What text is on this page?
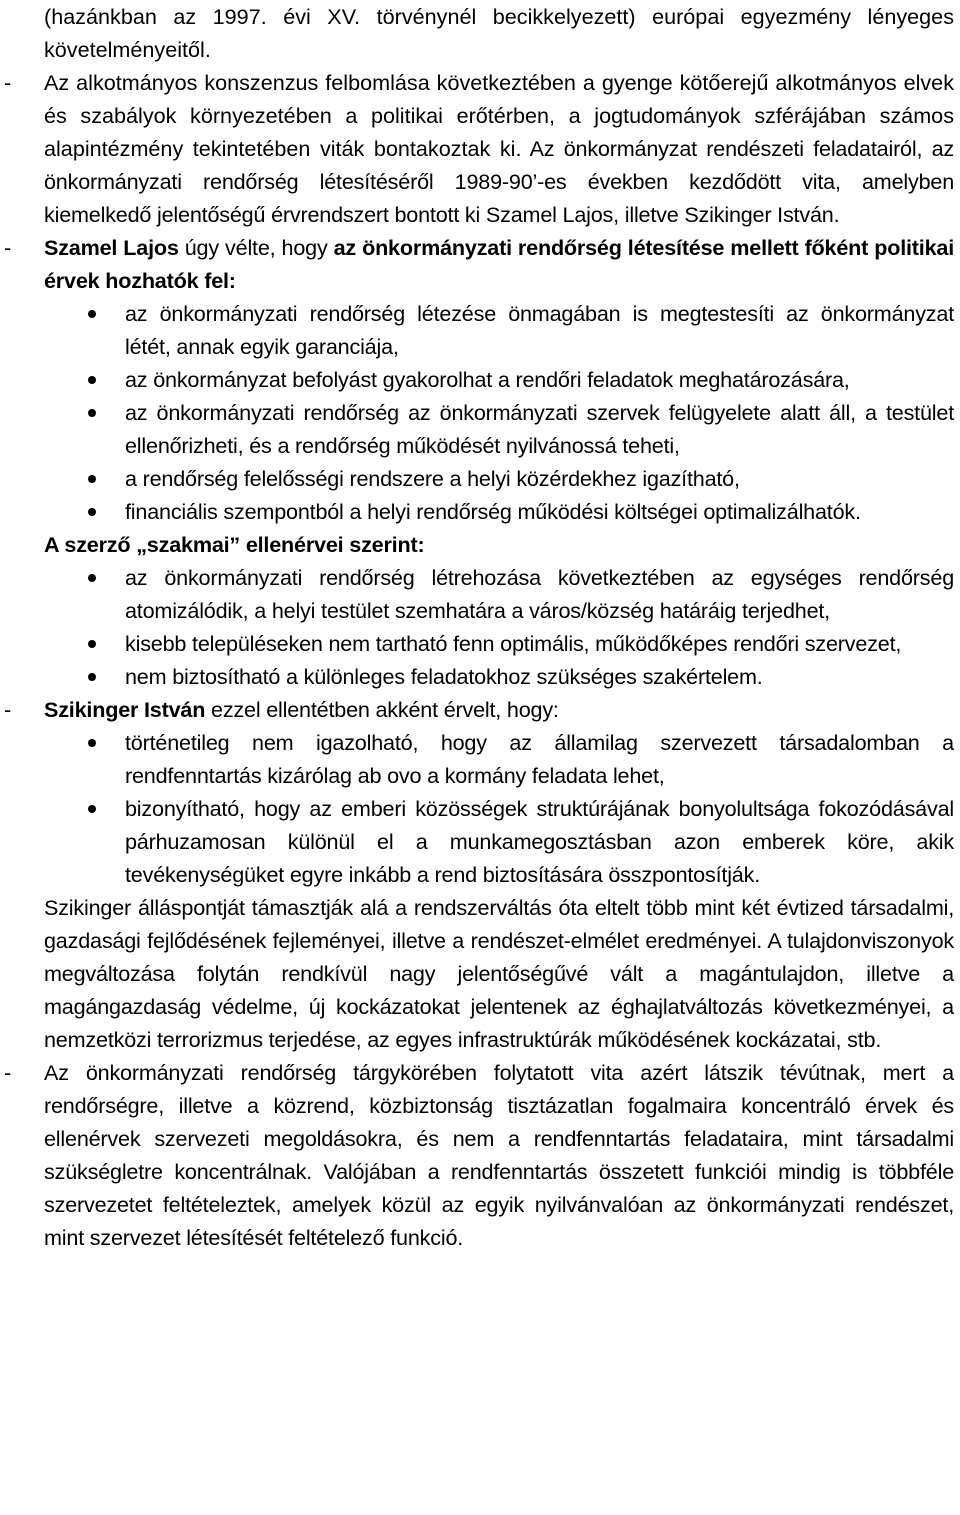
(hazánkban az 1997. évi XV. törvénynél becikkelyezett) európai egyezmény lényeges követelményeitől.

- Az alkotmányos konszenzus felbomlása következtében a gyenge kötőerejű alkotmányos elvek és szabályok környezetében a politikai erőtérben, a jogtudományok szférájában számos alapintézmény tekintetében viták bontakoztak ki. Az önkormányzat rendészeti feladatairól, az önkormányzati rendőrség létesítéséről 1989-90’-es években kezdődött vita, amelyben kiemelkedő jelentőségű érvrendszert bontott ki Szamel Lajos, illetve Szikinger István.

- Szamel Lajos úgy vélte, hogy az önkormányzati rendőrség létesítése mellett főként politikai érvek hozhatók fel:

az önkormányzati rendőrség létezése önmagában is megtestesíti az önkormányzat létét, annak egyik garanciája,
az önkormányzat befolyást gyakorolhat a rendőri feladatok meghatározására,
az önkormányzati rendőrség az önkormányzati szervek felügyelete alatt áll, a testület ellenőrizheti, és a rendőrség működését nyilvánossá teheti,
a rendőrség felelősségi rendszere a helyi közérdekhez igazítható,
financiális szempontból a helyi rendőrség működési költségei optimalizálhatók.

A szerző „szakmai” ellenérvei szerint:

az önkormányzati rendőrség létrehozása következtében az egységes rendőrség atomizálódik, a helyi testület szemhatára a város/község határáig terjedhet,
kisebb településeken nem tartható fenn optimális, működőképes rendőri szervezet,
nem biztosítható a különleges feladatokhoz szükséges szakértelem.

- Szikinger István ezzel ellentétben akként érvelt, hogy:

történetileg nem igazolható, hogy az államilag szervezett társadalomban a rendfenntartás kizárólag ab ovo a kormány feladata lehet,
bizonyítható, hogy az emberi közösségek struktúrájának bonyolultsága fokozódásával párhuzamosan különül el a munkamegosztásban azon emberek köre, akik tevékenységüket egyre inkább a rend biztosítására összpontosítják.

Szikinger álláspontját támasztják alá a rendszerváltás óta eltelt több mint két évtized társadalmi, gazdasági fejlődésének fejleményei, illetve a rendészet-elmélet eredményei. A tulajdonviszonyok megváltozása folytán rendkívül nagy jelentőségűvé vált a magántulajdon, illetve a magángazdaság védelme, új kockázatokat jelentenek az éghajlatváltozás következményei, a nemzetközi terrorizmus terjedése, az egyes infrastruktúrák működésének kockázatai, stb.

- Az önkormányzati rendőrség tárgykörében folytatott vita azért látszik tévútnak, mert a rendőrségre, illetve a közrend, közbiztonság tisztázatlan fogalmaira koncentráló érvek és ellenérvek szervezeti megoldásokra, és nem a rendfenntartás feladataira, mint társadalmi szükségletre koncentrálnak. Valójában a rendfenntartás összetett funkciói mindig is többféle szervezetet feltételeztek, amelyek közül az egyik nyilvánvalóan az önkormányzati rendészet, mint szervezet létesítését feltételező funkció.
